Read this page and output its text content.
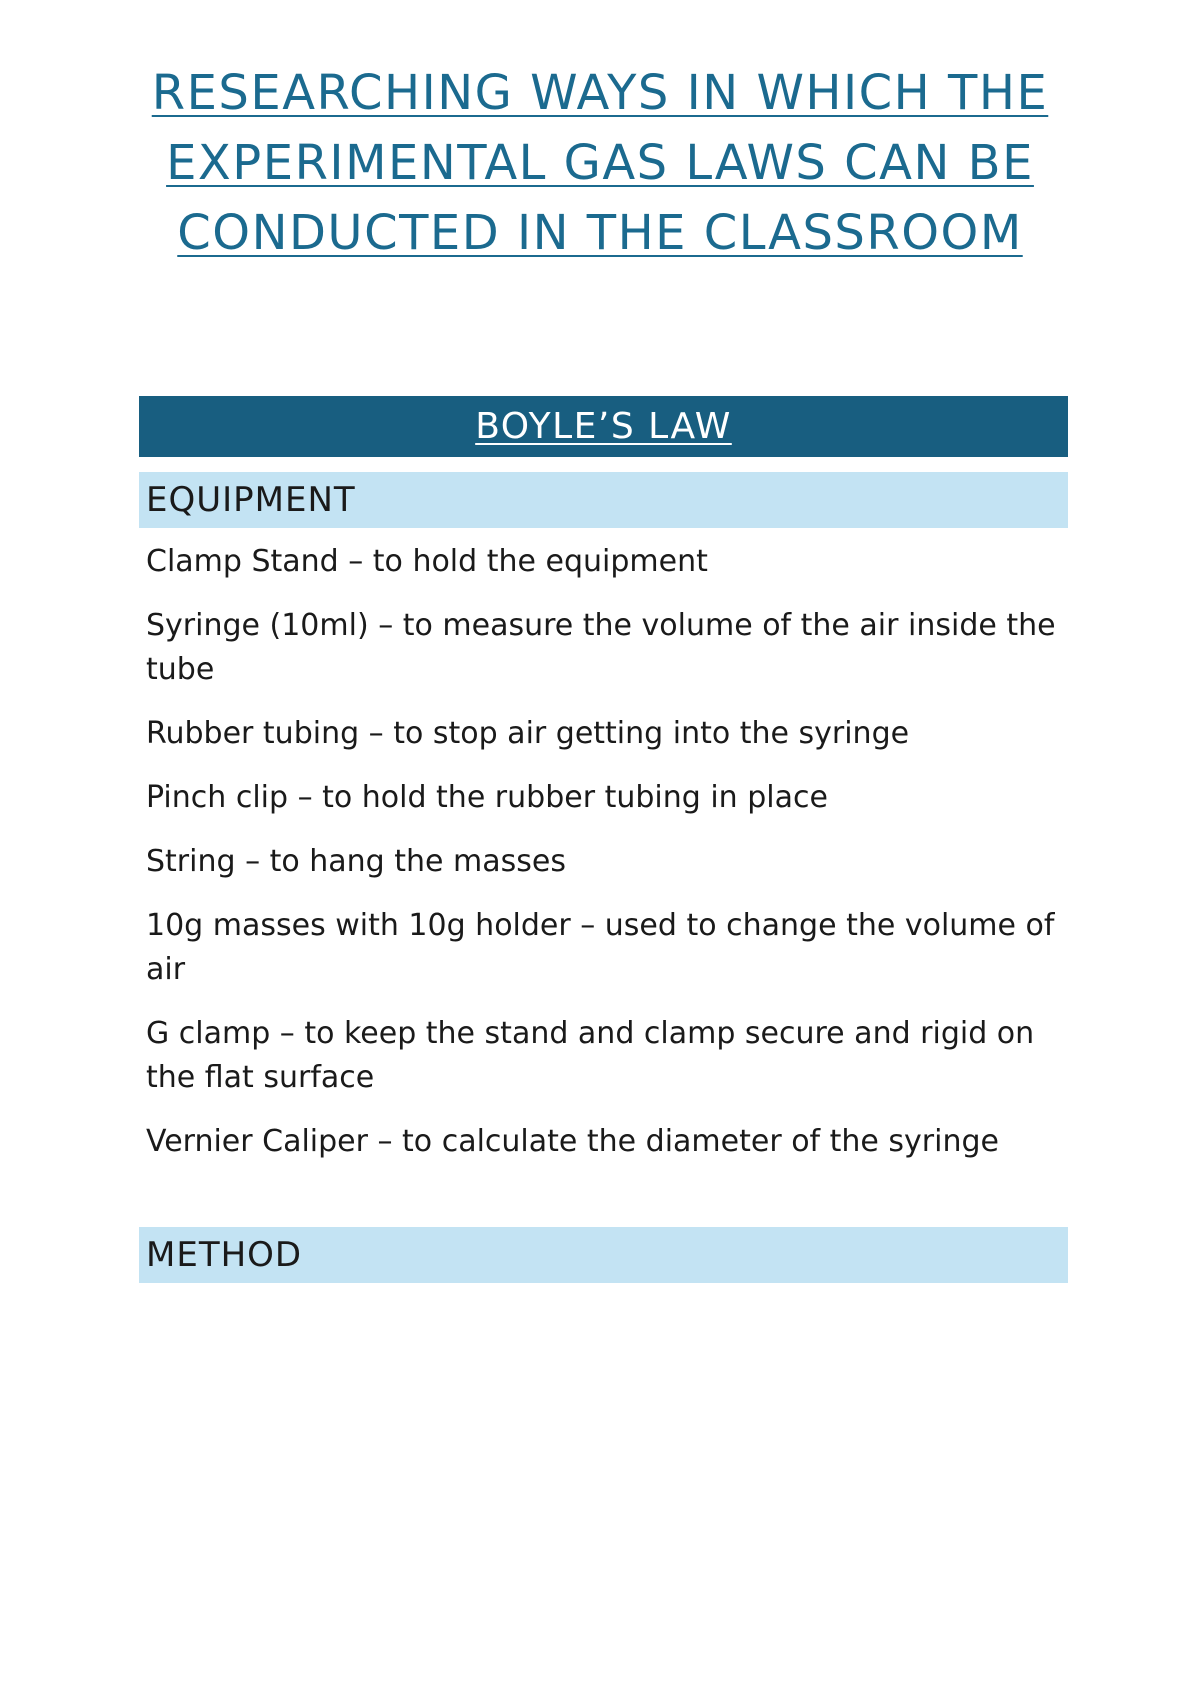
RESEARCHING WAYS IN WHICH THE EXPERIMENTAL GAS LAWS CAN BE CONDUCTED IN THE CLASSROOM
BOYLE’S LAW
EQUIPMENT
Clamp Stand – to hold the equipment
Syringe (10ml) – to measure the volume of the air inside the tube
Rubber tubing – to stop air getting into the syringe
Pinch clip – to hold the rubber tubing in place
String – to hang the masses
10g masses with 10g holder – used to change the volume of air
G clamp – to keep the stand and clamp secure and rigid on the flat surface
Vernier Caliper – to calculate the diameter of the syringe
METHOD
